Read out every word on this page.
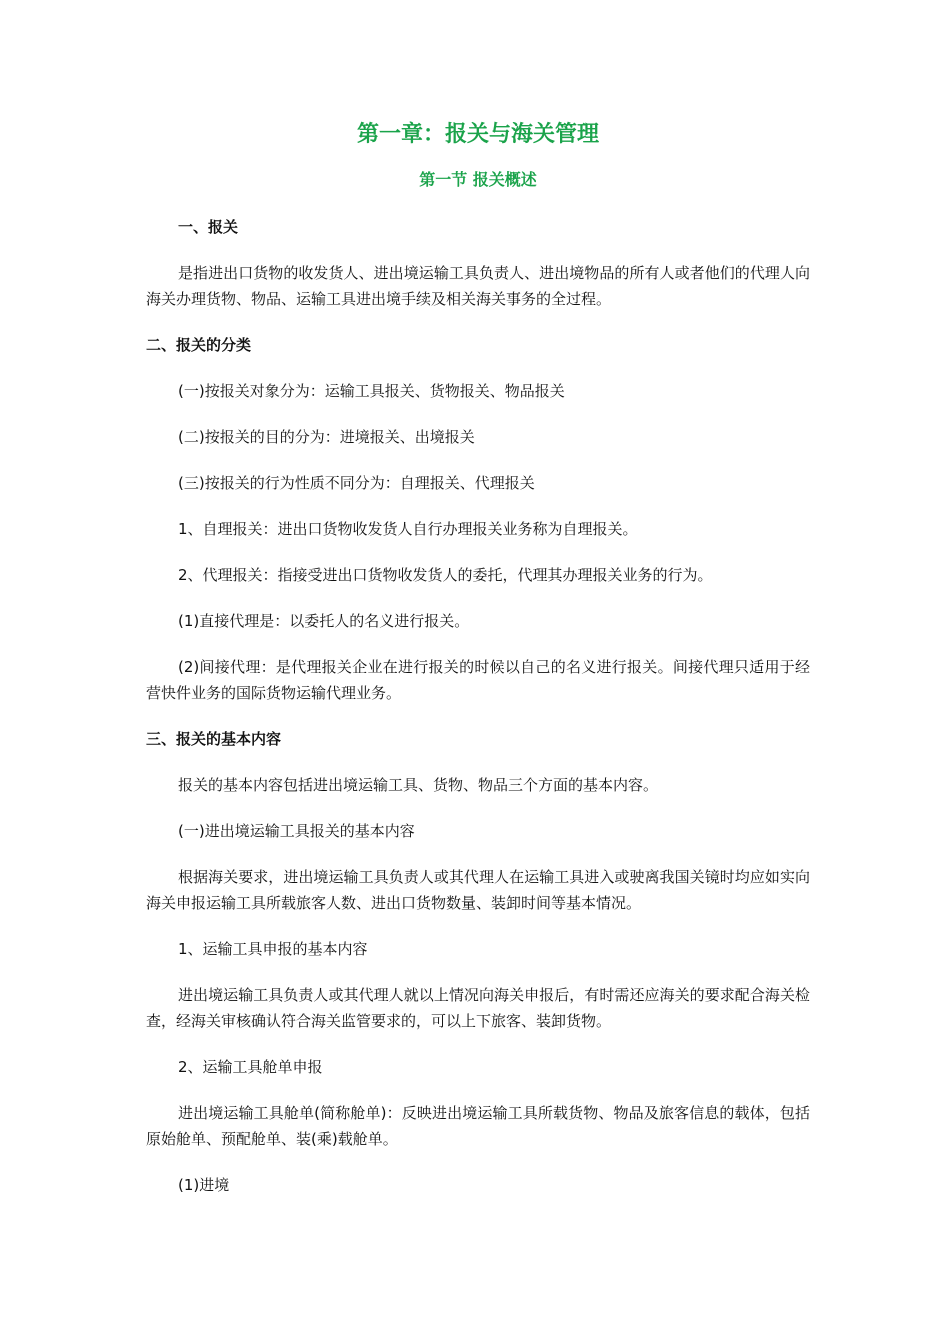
第一章：报关与海关管理
第一节 报关概述
一、报关
是指进出口货物的收发货人、进出境运输工具负责人、进出境物品的所有人或者他们的代理人向海关办理货物、物品、运输工具进出境手续及相关海关事务的全过程。
二、报关的分类
(一)按报关对象分为：运输工具报关、货物报关、物品报关
(二)按报关的目的分为：进境报关、出境报关
(三)按报关的行为性质不同分为：自理报关、代理报关
1、自理报关：进出口货物收发货人自行办理报关业务称为自理报关。
2、代理报关：指接受进出口货物收发货人的委托，代理其办理报关业务的行为。
(1)直接代理是：以委托人的名义进行报关。
(2)间接代理：是代理报关企业在进行报关的时候以自己的名义进行报关。间接代理只适用于经营快件业务的国际货物运输代理业务。
三、报关的基本内容
报关的基本内容包括进出境运输工具、货物、物品三个方面的基本内容。
(一)进出境运输工具报关的基本内容
根据海关要求，进出境运输工具负责人或其代理人在运输工具进入或驶离我国关镜时均应如实向海关申报运输工具所载旅客人数、进出口货物数量、装卸时间等基本情况。
1、运输工具申报的基本内容
进出境运输工具负责人或其代理人就以上情况向海关申报后，有时需还应海关的要求配合海关检查，经海关审核确认符合海关监管要求的，可以上下旅客、装卸货物。
2、运输工具舱单申报
进出境运输工具舱单(简称舱单)：反映进出境运输工具所载货物、物品及旅客信息的载体，包括原始舱单、预配舱单、装(乘)载舱单。
(1)进境
